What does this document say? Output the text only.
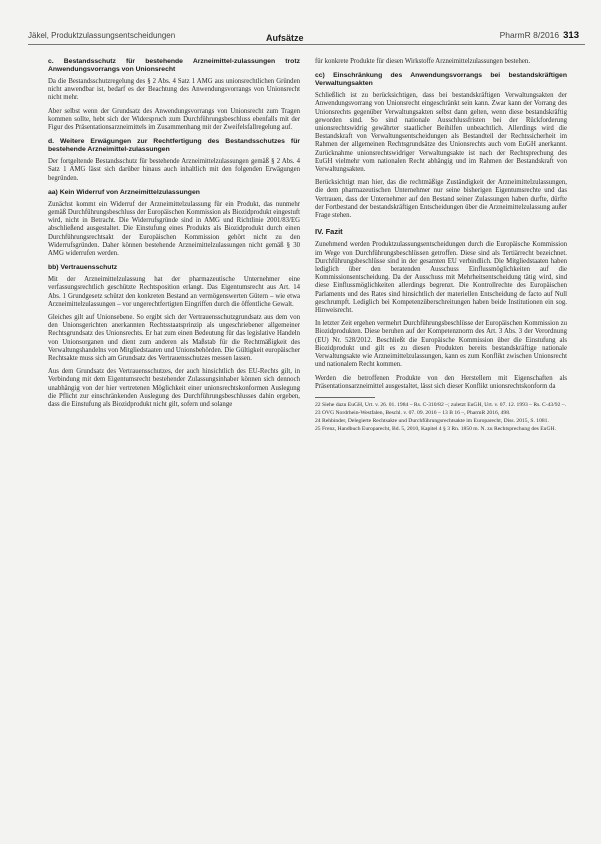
Jäkel, Produktzulassungsentscheidungen	Aufsätze	PharmR 8/2016 313
c. Bestandsschutz für bestehende Arzneimittel-zulassungen trotz Anwendungsvorrangs von Unionsrecht

Da die Bestandsschutzregelung des § 2 Abs. 4 Satz 1 AMG aus unionsrechtlichen Gründen nicht anwendbar ist, bedarf es der Beachtung des Anwendungsvorrangs von Unionsrecht nicht mehr.

Aber selbst wenn der Grundsatz des Anwendungsvorrangs von Unionsrecht zum Tragen kommen sollte, hebt sich der Widerspruch zum Durchführungsbeschluss ebenfalls mit der Figur des Präsentationsarzneimittels im Zusammenhang mit der Zweifelsfallregelung auf.

d. Weitere Erwägungen zur Rechtfertigung des Bestandsschutzes für bestehende Arzneimittel-zulassungen

Der fortgeltende Bestandsschutz für bestehende Arzneimittelzulassungen gemäß § 2 Abs. 4 Satz 1 AMG lässt sich darüber hinaus auch inhaltlich mit den folgenden Erwägungen begründen.

aa) Kein Widerruf von Arzneimittelzulassungen

Zunächst kommt ein Widerruf der Arzneimittelzulassung für ein Produkt, das nunmehr gemäß Durchführungsbeschluss der Europäischen Kommission als Biozidprodukt eingestuft wird, nicht in Betracht. Die Widerrufsgründe sind in AMG und Richtlinie 2001/83/EG abschließend ausgestaltet. Die Einstufung eines Produkts als Biozidprodukt durch einen Durchführungsrechtsakt der Europäischen Kommission gehört nicht zu den Widerrufsgründen. Daher können bestehende Arzneimittelzulassungen nicht gemäß § 30 AMG widerrufen werden.

bb) Vertrauensschutz

Mit der Arzneimittelzulassung hat der pharmazeutische Unternehmer eine verfassungsrechtlich geschützte Rechtsposition erlangt. Das Eigentumsrecht aus Art. 14 Abs. 1 Grundgesetz schützt den konkreten Bestand an vermögenswerten Gütern – wie etwa Arzneimittelzulassungen – vor ungerechtfertigten Eingriffen durch die öffentliche Gewalt.

Gleiches gilt auf Unionsebene. So ergibt sich der Vertrauensschutzgrundsatz aus dem von den Unionsgerichten anerkannten Rechtsstaatsprinzip als ungeschriebener allgemeiner Rechtsgrundsatz des Unionsrechts. Er hat zum einen Bedeutung für das legislative Handeln von Unionsorganen und dient zum anderen als Maßstab für die Rechtmäßigkeit des Verwaltungshandelns von Mitgliedstaaten und Unionsbehörden. Die Gültigkeit europäischer Rechtsakte muss sich am Grundsatz des Vertrauensschutzes messen lassen.

Aus dem Grundsatz des Vertrauensschutzes, der auch hinsichtlich des EU-Rechts gilt, in Verbindung mit dem Eigentumsrecht bestehender Zulassungsinhaber können sich dennoch unabhängig von der hier vertretenen Möglichkeit einer unionsrechtskonformen Auslegung die Pflicht zur einschränkenden Auslegung des Durchführungsbeschlusses dahin ergeben, dass die Einstufung als Biozidprodukt nicht gilt, sofern und solange

für konkrete Produkte für diesen Wirkstoffe Arzneimittelzulassungen bestehen.

cc) Einschränkung des Anwendungsvorrangs bei bestandskräftigen Verwaltungsakten

Schließlich ist zu berücksichtigen, dass bei bestandskräftigen Verwaltungsakten der Anwendungsvorrang von Unionsrecht eingeschränkt sein kann. Zwar kann der Vorrang des Unionsrechts gegenüber Verwaltungsakten selbst dann gelten, wenn diese bestandskräftig geworden sind. So sind nationale Ausschlussfristen bei der Rückforderung unionsrechtswidrig gewährter staatlicher Beihilfen unbeachtlich. Allerdings wird die Bestandskraft von Verwaltungsentscheidungen als Bestandteil der Rechtssicherheit im Rahmen der allgemeinen Rechtsgrundsätze des Unionsrechts auch vom EuGH anerkannt. Zurücknahme unionsrechtswidriger Verwaltungsakte ist nach der Rechtsprechung des EuGH vielmehr vom nationalen Recht abhängig und im Rahmen der Bestandskraft von Verwaltungsakten.

Berücksichtigt man hier, das die rechtmäßige Zuständigkeit der Arzneimittelzulassungen, die dem pharmazeutischen Unternehmer nur seine bisherigen Eigentumsrechte und das Vertrauen, dass der Unternehmer auf den Bestand seiner Zulassungen haben durfte, dürfte der Fortbestand der bestandskräftigen Entscheidungen über die Arzneimittelzulassung außer Frage stehen.

IV. Fazit

Zunehmend werden Produktzulassungsentscheidungen durch die Europäische Kommission im Wege von Durchführungsbeschlüssen getroffen. Diese sind als Tertiärrecht bezeichnet. Durchführungsbeschlüsse sind in der gesamten EU verbindlich. Die Mitgliedstaaten haben lediglich über den beratenden Ausschuss Einflussmöglichkeiten auf die Kommissionsentscheidung. Da der Ausschuss mit Mehrheitsentscheidung tätig wird, sind diese Einflussmöglichkeiten allerdings begrenzt. Die Kontrollrechte des Europäischen Parlaments und des Rates sind hinsichtlich der materiellen Entscheidung de facto auf Null geschrumpft. Lediglich bei Kompetenzüberschreitungen haben beide Institutionen ein sog. Hinweisrecht.

In letzter Zeit ergehen vermehrt Durchführungsbeschlüsse der Europäischen Kommission zu Biozidprodukten. Diese beruhen auf der Kompetenznorm des Art. 3 Abs. 3 der Verordnung (EU) Nr. 528/2012. Beschließt die Europäische Kommission über die Einstufung als Biozidprodukt und gilt es zu diesen Produkten bereits bestandskräftige nationale Verwaltungsakte wie Arzneimittelzulassungen, kann es zum Konflikt zwischen Unionsrecht und nationalem Recht kommen.

Werden die betroffenen Produkte von den Herstellern mit Eigenschaften als Präsentationsarzneimittel ausgestaltet, lässt sich dieser Konflikt unionsrechtskonform da

22 Siehe dazu EuGH, Urt. v. 26. 01. 1984 – Rs. C-310/82 –; zuletzt EuGH, Urt. v. 07. 12. 1993 – Rs. C-43/92 –.

23 OVG Nordrhein-Westfalen, Beschl. v. 07. 09. 2016 – 13 B 16 –, PharmR 2016, 498.

24 Rehbinder, Delegierte Rechtsakte und Durchführungsrechtsakte im Europarecht, Diss. 2015, S. 1081.

25 Frenz, Handbuch Europarecht, Bd. 5, 2010, Kapitel 4 § 3 Rn. 1850 m. N. zu Rechtsprechung des EuGH.
